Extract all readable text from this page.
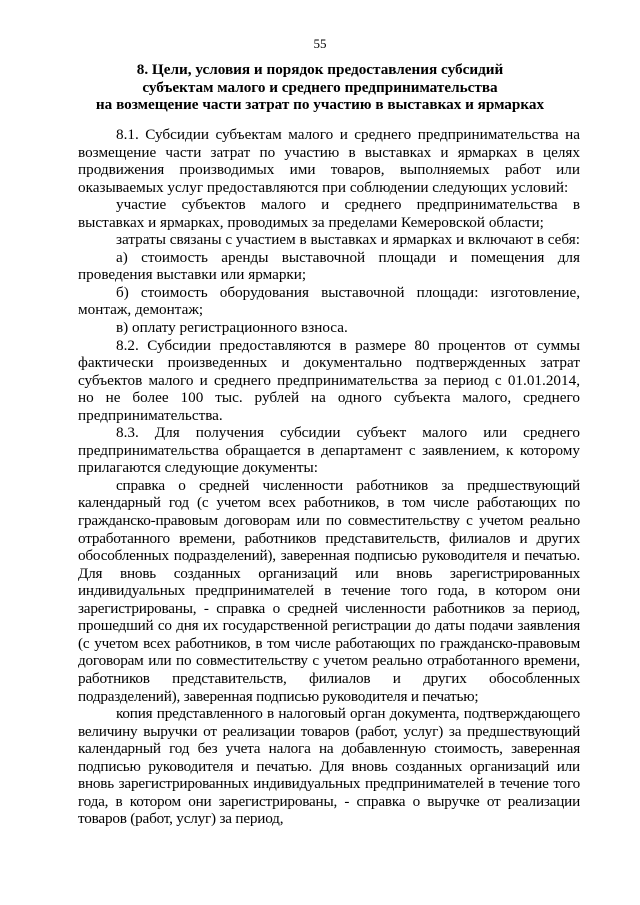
55
8. Цели, условия и порядок предоставления субсидий
субъектам малого и среднего предпринимательства
на возмещение части затрат по участию в выставках и ярмарках

8.1. Субсидии субъектам малого и среднего предпринимательства на возмещение части затрат по участию в выставках и ярмарках в целях продвижения производимых ими товаров, выполняемых работ или оказываемых услуг предоставляются при соблюдении следующих условий:

участие субъектов малого и среднего предпринимательства в выставках и ярмарках, проводимых за пределами Кемеровской области;

затраты связаны с участием в выставках и ярмарках и включают в себя:

а) стоимость аренды выставочной площади и помещения для проведения выставки или ярмарки;

б) стоимость оборудования выставочной площади: изготовление, монтаж, демонтаж;

в) оплату регистрационного взноса.

8.2. Субсидии предоставляются в размере 80 процентов от суммы фактически произведенных и документально подтвержденных затрат субъектов малого и среднего предпринимательства за период с 01.01.2014, но не более 100 тыс. рублей на одного субъекта малого, среднего предпринимательства.

8.3. Для получения субсидии субъект малого или среднего предпринимательства обращается в департамент с заявлением, к которому прилагаются следующие документы:

справка о средней численности работников за предшествующий календарный год (с учетом всех работников, в том числе работающих по гражданско-правовым договорам или по совместительству с учетом реально отработанного времени, работников представительств, филиалов и других обособленных подразделений), заверенная подписью руководителя и печатью. Для вновь созданных организаций или вновь зарегистрированных индивидуальных предпринимателей в течение того года, в котором они зарегистрированы, - справка о средней численности работников за период, прошедший со дня их государственной регистрации до даты подачи заявления (с учетом всех работников, в том числе работающих по гражданско-правовым договорам или по совместительству с учетом реально отработанного времени, работников представительств, филиалов и других обособленных подразделений), заверенная подписью руководителя и печатью;

копия представленного в налоговый орган документа, подтверждающего величину выручки от реализации товаров (работ, услуг) за предшествующий календарный год без учета налога на добавленную стоимость, заверенная подписью руководителя и печатью. Для вновь созданных организаций или вновь зарегистрированных индивидуальных предпринимателей в течение того года, в котором они зарегистрированы, - справка о выручке от реализации товаров (работ, услуг) за период,
